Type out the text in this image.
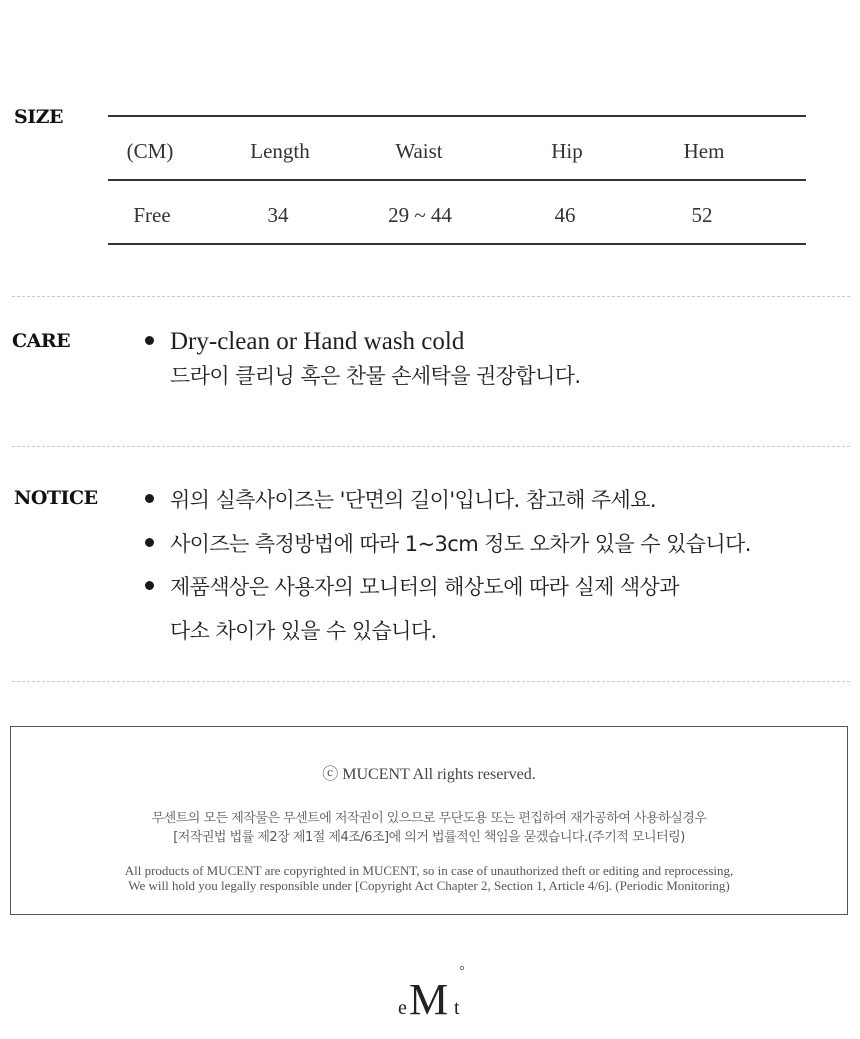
SIZE
(CM)	Length	Waist	Hip	Hem
Free	34	29 ~ 44	46	52
CARE	Dry-clean or Hand wash cold
드라이 클리닝 혹은 찬물 손세탁을 권장합니다.
NOTICE	위의 실측사이즈는 '단면의 길이'입니다. 참고해 주세요.
사이즈는 측정방법에 따라 1~3cm 정도 오차가 있을 수 있습니다.
제품색상은 사용자의 모니터의 해상도에 따라 실제 색상과
다소 차이가 있을 수 있습니다.
ⓒ MUCENT All rights reserved.
무센트의 모든 제작물은 무센트에 저작권이 있으므로 무단도용 또는 편집하여 재가공하여 사용하실경우
[저작권법 법률 제2장 제1절 제4조/6조]에 의거 법률적인 책임을 묻겠습니다.(주기적 모니터링)
All products of MUCENT are copyrighted in MUCENT, so in case of unauthorized theft or editing and reprocessing,
We will hold you legally responsible under [Copyright Act Chapter 2, Section 1, Article 4/6]. (Periodic Monitoring)
e M t
